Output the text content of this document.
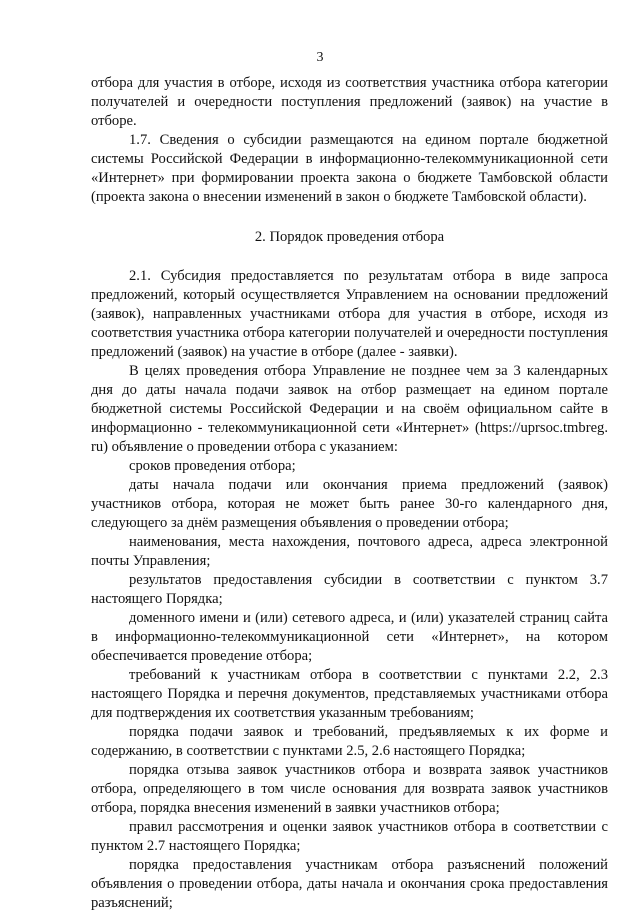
3

отбора для участия в отборе, исходя из соответствия участника отбора категории получателей и очередности поступления предложений (заявок) на участие в отборе.

1.7. Сведения о субсидии размещаются на едином портале бюджетной системы Российской Федерации в информационно-телекоммуникационной сети «Интернет» при формировании проекта закона о бюджете Тамбовской области (проекта закона о внесении изменений в закон о бюджете Тамбовской области).

2. Порядок проведения отбора

2.1. Субсидия предоставляется по результатам отбора в виде запроса предложений, который осуществляется Управлением на основании предложений (заявок), направленных участниками отбора для участия в отборе, исходя из соответствия участника отбора категории получателей и очередности поступления предложений (заявок) на участие в отборе (далее - заявки).

В целях проведения отбора Управление не позднее чем за 3 календарных дня до даты начала подачи заявок на отбор размещает на едином портале бюджетной системы Российской Федерации и на своём официальном сайте в информационно - телекоммуникационной сети «Интернет» (https://uprsoc.tmbreg. ru) объявление о проведении отбора с указанием:

сроков проведения отбора;

даты начала подачи или окончания приема предложений (заявок) участников отбора, которая не может быть ранее 30-го календарного дня, следующего за днём размещения объявления о проведении отбора;

наименования, места нахождения, почтового адреса, адреса электронной почты Управления;

результатов предоставления субсидии в соответствии с пунктом 3.7 настоящего Порядка;

доменного имени и (или) сетевого адреса, и (или) указателей страниц сайта в информационно-телекоммуникационной сети «Интернет», на котором обеспечивается проведение отбора;

требований к участникам отбора в соответствии с пунктами 2.2, 2.3 настоящего Порядка и перечня документов, представляемых участниками отбора для подтверждения их соответствия указанным требованиям;

порядка подачи заявок и требований, предъявляемых к их форме и содержанию, в соответствии с пунктами 2.5, 2.6 настоящего Порядка;

порядка отзыва заявок участников отбора и возврата заявок участников отбора, определяющего в том числе основания для возврата заявок участников отбора, порядка внесения изменений в заявки участников отбора;

правил рассмотрения и оценки заявок участников отбора в соответствии с пунктом 2.7 настоящего Порядка;

порядка предоставления участникам отбора разъяснений положений объявления о проведении отбора, даты начала и окончания срока предоставления разъяснений;
